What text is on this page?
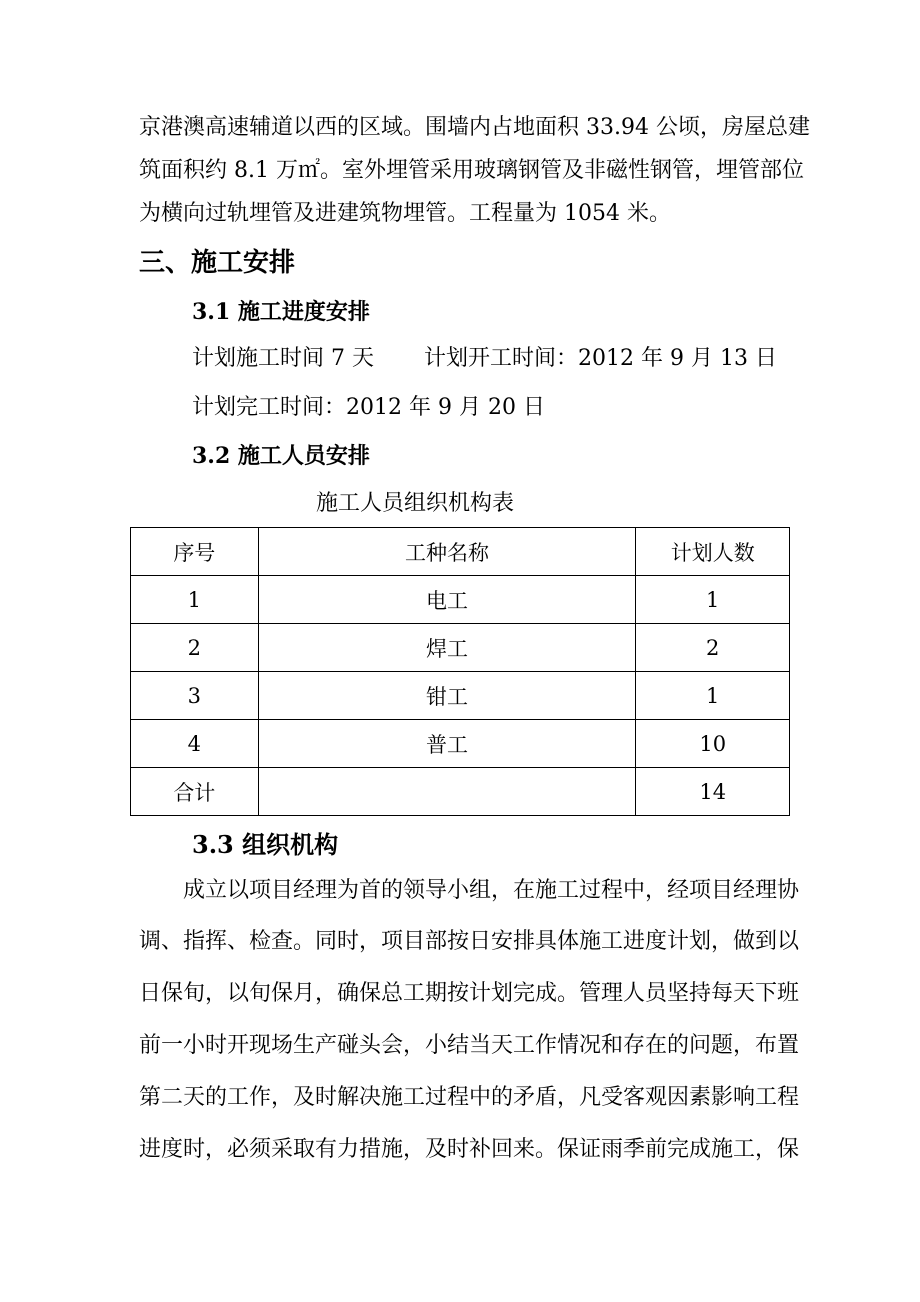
京港澳高速辅道以西的区域。围墙内占地面积 33.94 公顷，房屋总建
筑面积约 8.1 万㎡。室外埋管采用玻璃钢管及非磁性钢管，埋管部位
为横向过轨埋管及进建筑物埋管。工程量为 1054 米。
三、施工安排
3.1 施工进度安排
计划施工时间 7 天 计划开工时间：2012 年 9 月 13 日
计划完工时间：2012 年 9 月 20 日
3.2 施工人员安排
施工人员组织机构表
序号	工种名称	计划人数
1	电工	1
2	焊工	2
3	钳工	1
4	普工	10
合计		14
3.3 组织机构
成立以项目经理为首的领导小组，在施工过程中，经项目经理协
调、指挥、检查。同时，项目部按日安排具体施工进度计划，做到以
日保旬，以旬保月，确保总工期按计划完成。管理人员坚持每天下班
前一小时开现场生产碰头会，小结当天工作情况和存在的问题，布置
第二天的工作，及时解决施工过程中的矛盾，凡受客观因素影响工程
进度时，必须采取有力措施，及时补回来。保证雨季前完成施工，保
